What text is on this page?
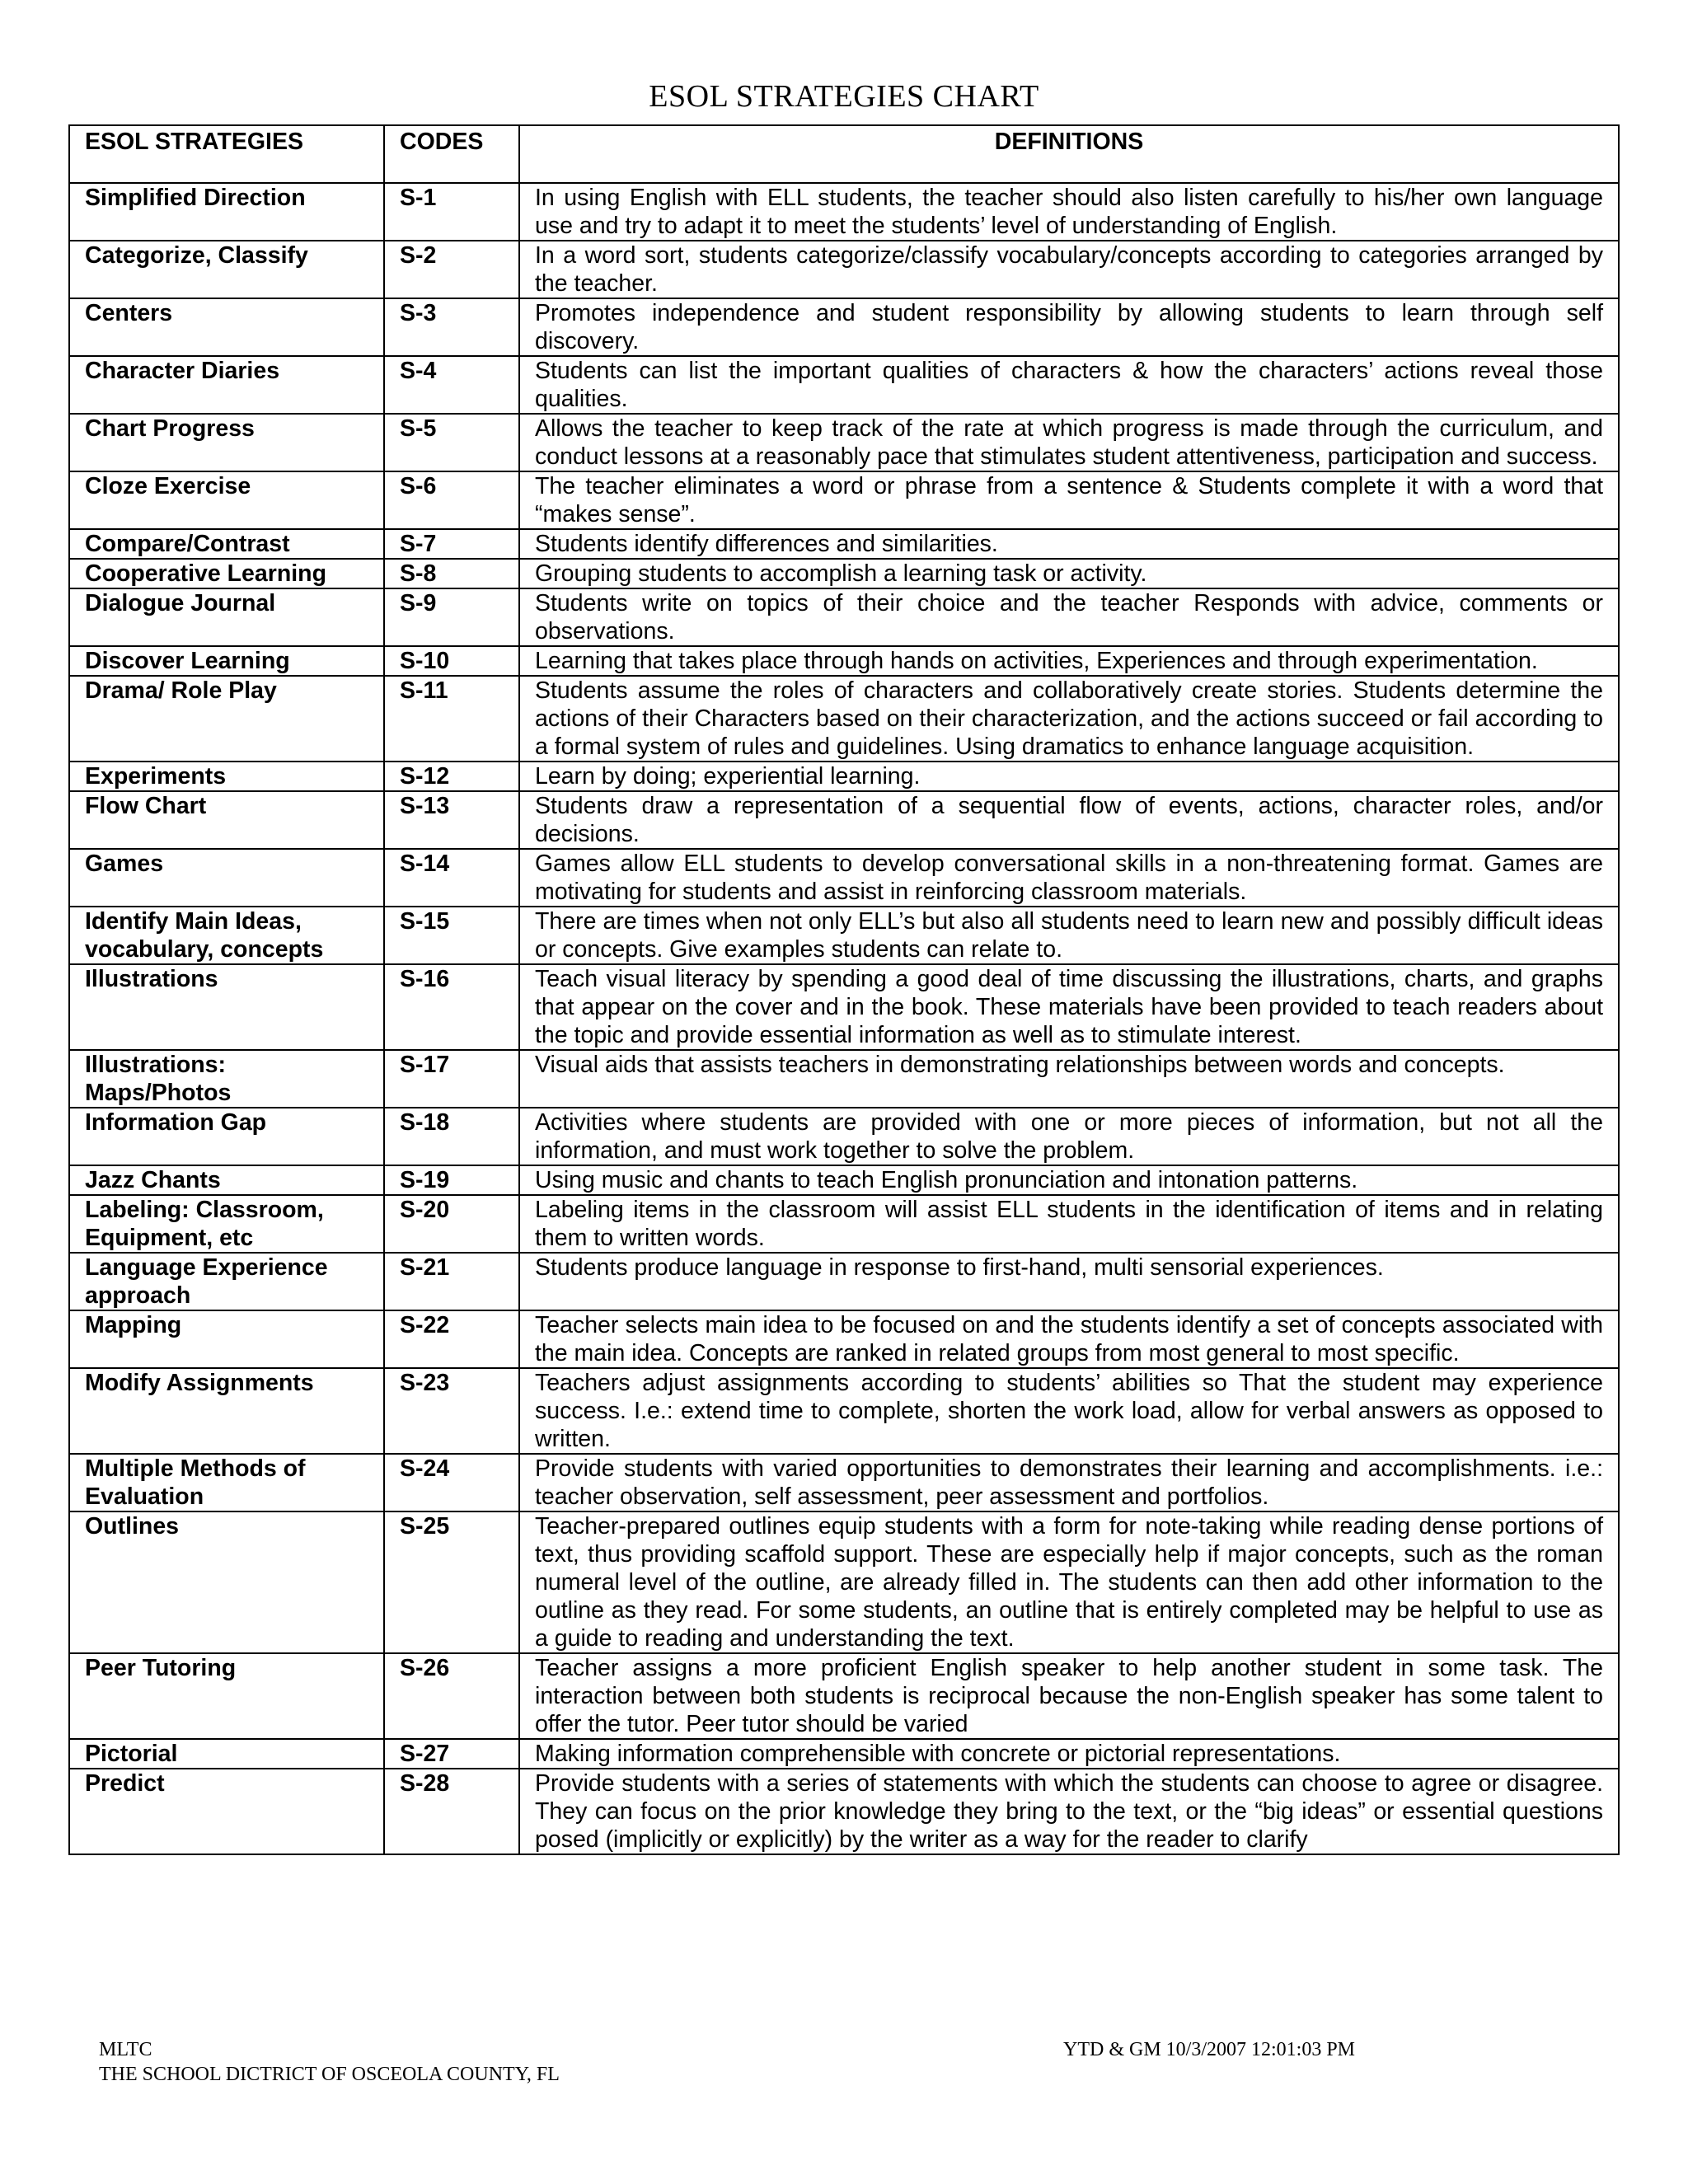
ESOL STRATEGIES CHART
ESOL STRATEGIES	CODES	DEFINITIONS
Simplified Direction	S-1	In using English with ELL students, the teacher should also listen carefully to his/her own language use and try to adapt it to meet the students’ level of understanding of English.
Categorize, Classify	S-2	In a word sort, students categorize/classify vocabulary/concepts according to categories arranged by the teacher.
Centers	S-3	Promotes independence and student responsibility by allowing students to learn through self discovery.
Character Diaries	S-4	Students can list the important qualities of characters & how the characters’ actions reveal those qualities.
Chart Progress	S-5	Allows the teacher to keep track of the rate at which progress is made through the curriculum, and conduct lessons at a reasonably pace that stimulates student attentiveness, participation and success.
Cloze Exercise	S-6	The teacher eliminates a word or phrase from a sentence & Students complete it with a word that “makes sense”.
Compare/Contrast	S-7	Students identify differences and similarities.
Cooperative Learning	S-8	Grouping students to accomplish a learning task or activity.
Dialogue Journal	S-9	Students write on topics of their choice and the teacher Responds with advice, comments or observations.
Discover Learning	S-10	Learning that takes place through hands on activities, Experiences and through experimentation.
Drama/ Role Play	S-11	Students assume the roles of characters and collaboratively create stories. Students determine the actions of their Characters based on their characterization, and the actions succeed or fail according to a formal system of rules and guidelines. Using dramatics to enhance language acquisition.
Experiments	S-12	Learn by doing; experiential learning.
Flow Chart	S-13	Students draw a representation of a sequential flow of events, actions, character roles, and/or decisions.
Games	S-14	Games allow ELL students to develop conversational skills in a non-threatening format. Games are motivating for students and assist in reinforcing classroom materials.
Identify Main Ideas, vocabulary, concepts	S-15	There are times when not only ELL’s but also all students need to learn new and possibly difficult ideas or concepts. Give examples students can relate to.
Illustrations	S-16	Teach visual literacy by spending a good deal of time discussing the illustrations, charts, and graphs that appear on the cover and in the book. These materials have been provided to teach readers about the topic and provide essential information as well as to stimulate interest.
Illustrations: Maps/Photos	S-17	Visual aids that assists teachers in demonstrating relationships between words and concepts.
Information Gap	S-18	Activities where students are provided with one or more pieces of information, but not all the information, and must work together to solve the problem.
Jazz Chants	S-19	Using music and chants to teach English pronunciation and intonation patterns.
Labeling: Classroom, Equipment, etc	S-20	Labeling items in the classroom will assist ELL students in the identification of items and in relating them to written words.
Language Experience approach	S-21	Students produce language in response to first-hand, multi sensorial experiences.
Mapping	S-22	Teacher selects main idea to be focused on and the students identify a set of concepts associated with the main idea. Concepts are ranked in related groups from most general to most specific.
Modify Assignments	S-23	Teachers adjust assignments according to students’ abilities so That the student may experience success. I.e.: extend time to complete, shorten the work load, allow for verbal answers as opposed to written.
Multiple Methods of Evaluation	S-24	Provide students with varied opportunities to demonstrates their learning and accomplishments. i.e.: teacher observation, self assessment, peer assessment and portfolios.
Outlines	S-25	Teacher-prepared outlines equip students with a form for note-taking while reading dense portions of text, thus providing scaffold support. These are especially help if major concepts, such as the roman numeral level of the outline, are already filled in. The students can then add other information to the outline as they read. For some students, an outline that is entirely completed may be helpful to use as a guide to reading and understanding the text.
Peer Tutoring	S-26	Teacher assigns a more proficient English speaker to help another student in some task. The interaction between both students is reciprocal because the non-English speaker has some talent to offer the tutor. Peer tutor should be varied
Pictorial	S-27	Making information comprehensible with concrete or pictorial representations.
Predict	S-28	Provide students with a series of statements with which the students can choose to agree or disagree. They can focus on the prior knowledge they bring to the text, or the “big ideas” or essential questions posed (implicitly or explicitly) by the writer as a way for the reader to clarify
MLTC
THE SCHOOL DICTRICT OF OSCEOLA COUNTY, FL
YTD & GM 10/3/2007 12:01:03 PM
